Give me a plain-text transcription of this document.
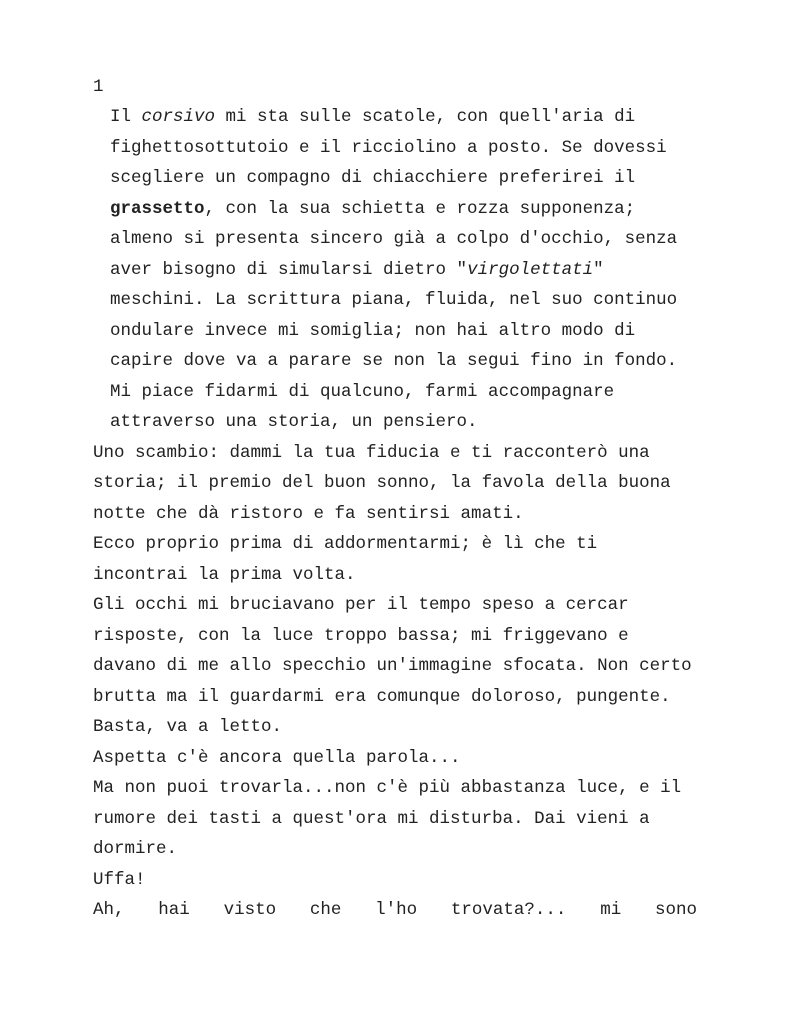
1

Il corsivo mi sta sulle scatole, con quell'aria di fighettosottutoio e il ricciolino a posto. Se dovessi scegliere un compagno di chiacchiere preferirei il grassetto, con la sua schietta e rozza supponenza; almeno si presenta sincero già a colpo d'occhio, senza aver bisogno di simularsi dietro "virgolettati" meschini. La scrittura piana, fluida, nel suo continuo ondulare invece mi somiglia; non hai altro modo di capire dove va a parare se non la segui fino in fondo. Mi piace fidarmi di qualcuno, farmi accompagnare attraverso una storia, un pensiero.

Uno scambio: dammi la tua fiducia e ti racconterò una storia; il premio del buon sonno, la favola della buona notte che dà ristoro e fa sentirsi amati.

Ecco proprio prima di addormentarmi; è lì che ti incontrai la prima volta.

Gli occhi mi bruciavano per il tempo speso a cercar risposte, con la luce troppo bassa; mi friggevano e davano di me allo specchio un'immagine sfocata. Non certo brutta ma il guardarmi era comunque doloroso, pungente.

Basta, va a letto.

Aspetta c'è ancora quella parola...

Ma non puoi trovarla...non c'è più abbastanza luce, e il rumore dei tasti a quest'ora mi disturba. Dai vieni a dormire.

Uffa!

Ah, hai visto che l'ho trovata?... mi sono
